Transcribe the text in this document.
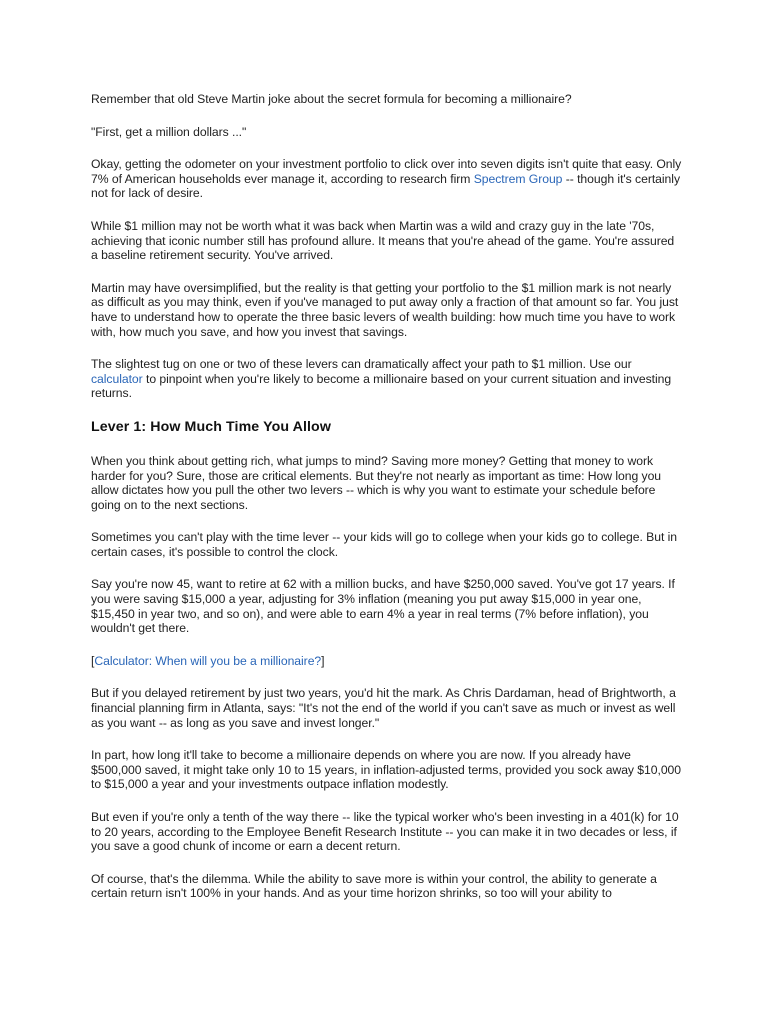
Remember that old Steve Martin joke about the secret formula for becoming a millionaire?

"First, get a million dollars ..."

Okay, getting the odometer on your investment portfolio to click over into seven digits isn't quite that easy. Only 7% of American households ever manage it, according to research firm Spectrem Group -- though it's certainly not for lack of desire.

While $1 million may not be worth what it was back when Martin was a wild and crazy guy in the late '70s, achieving that iconic number still has profound allure. It means that you're ahead of the game. You're assured a baseline retirement security. You've arrived.

Martin may have oversimplified, but the reality is that getting your portfolio to the $1 million mark is not nearly as difficult as you may think, even if you've managed to put away only a fraction of that amount so far. You just have to understand how to operate the three basic levers of wealth building: how much time you have to work with, how much you save, and how you invest that savings.

The slightest tug on one or two of these levers can dramatically affect your path to $1 million. Use our calculator to pinpoint when you're likely to become a millionaire based on your current situation and investing returns.

Lever 1: How Much Time You Allow

When you think about getting rich, what jumps to mind? Saving more money? Getting that money to work harder for you? Sure, those are critical elements. But they're not nearly as important as time: How long you allow dictates how you pull the other two levers -- which is why you want to estimate your schedule before going on to the next sections.

Sometimes you can't play with the time lever -- your kids will go to college when your kids go to college. But in certain cases, it's possible to control the clock.

Say you're now 45, want to retire at 62 with a million bucks, and have $250,000 saved. You've got 17 years. If you were saving $15,000 a year, adjusting for 3% inflation (meaning you put away $15,000 in year one, $15,450 in year two, and so on), and were able to earn 4% a year in real terms (7% before inflation), you wouldn't get there.

[Calculator: When will you be a millionaire?]

But if you delayed retirement by just two years, you'd hit the mark. As Chris Dardaman, head of Brightworth, a financial planning firm in Atlanta, says: "It's not the end of the world if you can't save as much or invest as well as you want -- as long as you save and invest longer."

In part, how long it'll take to become a millionaire depends on where you are now. If you already have $500,000 saved, it might take only 10 to 15 years, in inflation-adjusted terms, provided you sock away $10,000 to $15,000 a year and your investments outpace inflation modestly.

But even if you're only a tenth of the way there -- like the typical worker who's been investing in a 401(k) for 10 to 20 years, according to the Employee Benefit Research Institute -- you can make it in two decades or less, if you save a good chunk of income or earn a decent return.

Of course, that's the dilemma. While the ability to save more is within your control, the ability to generate a certain return isn't 100% in your hands. And as your time horizon shrinks, so too will your ability to
